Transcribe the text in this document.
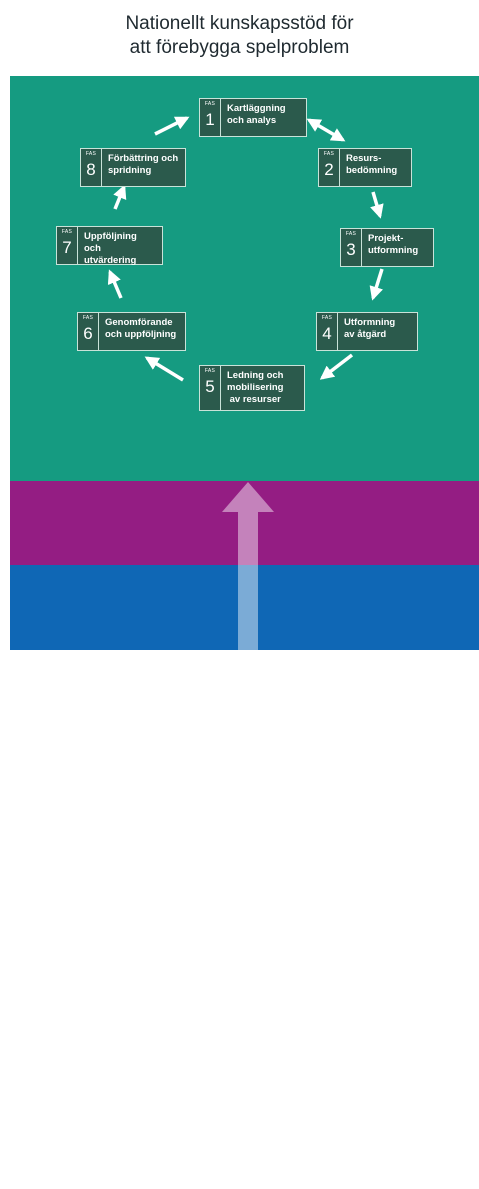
Nationellt kunskapsstöd för
att förebygga spelproblem
Fokus på barn & unga
Kunskap om spel om
pengar och spelproblem
FAS
1
Kartläggning
och analys
FAS
2
Resurs-
bedömning
FAS
3
Projekt-
utformning
FAS
4
Utformning
av åtgärd
FAS
5
Ledning och
mobilisering
av resurser
FAS
6
Genomförande
och uppföljning
FAS
7
Uppföljning och
utvärdering
FAS
8
Förbättring och
spridning
